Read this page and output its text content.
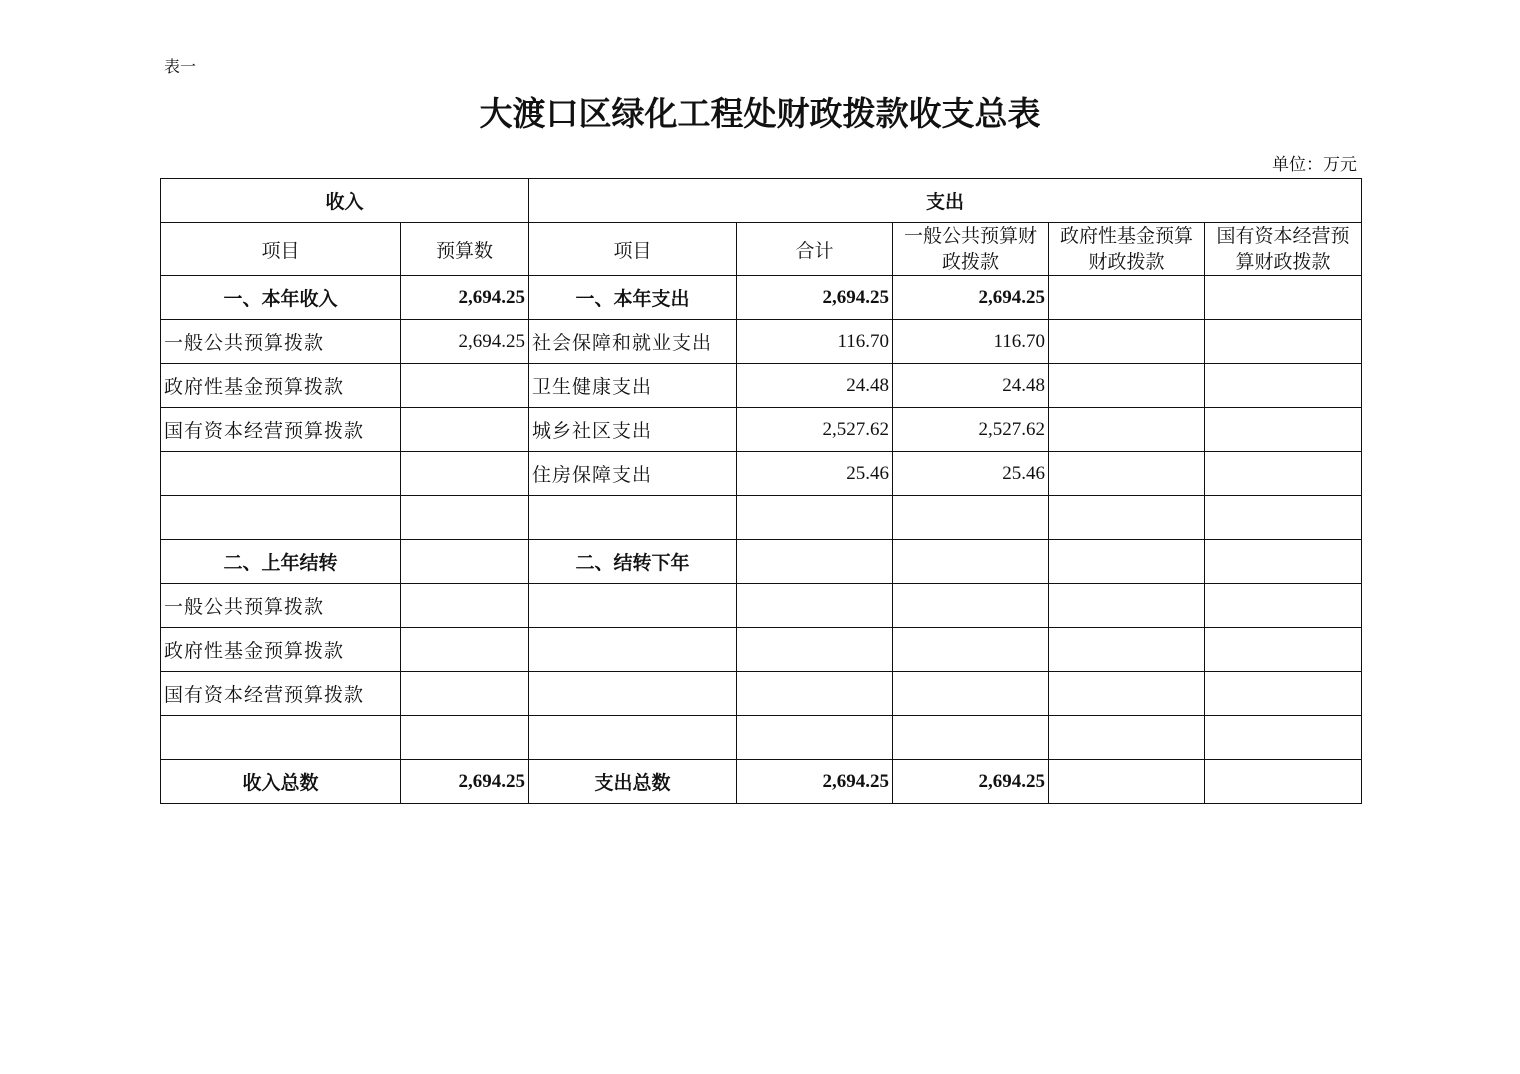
表一
大渡口区绿化工程处财政拨款收支总表
单位：万元
收入		支出				
项目	预算数	项目	合计	一般公共预算财政拨款	政府性基金预算财政拨款	国有资本经营预算财政拨款
一、本年收入	2,694.25	一、本年支出	2,694.25	2,694.25		
一般公共预算拨款	2,694.25	社会保障和就业支出	116.70	116.70		
政府性基金预算拨款		卫生健康支出	24.48	24.48		
国有资本经营预算拨款		城乡社区支出	2,527.62	2,527.62		
		住房保障支出	25.46	25.46		

二、上年结转		二、结转下年				
一般公共预算拨款						
政府性基金预算拨款						
国有资本经营预算拨款						

收入总数	2,694.25	支出总数	2,694.25	2,694.25		
